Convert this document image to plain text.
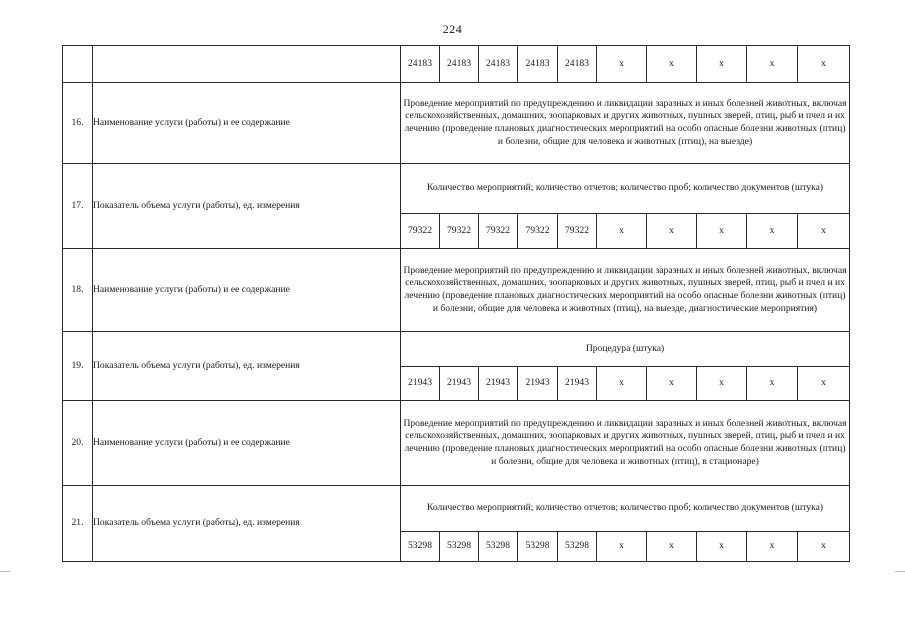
224
		24183	24183	24183	24183	24183	x	x	x	x	x
16.	Наименование услуги (работы) и ее содержание	Проведение мероприятий по предупреждению и ликвидации заразных и иных болезней животных, включая сельскохозяйственных, домашних, зоопарковых и других животных, пушных зверей, птиц, рыб и пчел и их лечению (проведение плановых диагностических мероприятий на особо опасные болезни животных (птиц) и болезни, общие для человека и животных (птиц), на выезде)									
17.	Показатель объема услуги (работы), ед. измерения	Количество мероприятий; количество отчетов; количество проб; количество документов (штука)									
		79322	79322	79322	79322	79322	x	x	x	x	x
18.	Наименование услуги (работы) и ее содержание	Проведение мероприятий по предупреждению и ликвидации заразных и иных болезней животных, включая сельскохозяйственных, домашних, зоопарковых и других животных, пушных зверей, птиц, рыб и пчел и их лечению (проведение плановых диагностических мероприятий на особо опасные болезни животных (птиц) и болезни, общие для человека и животных (птиц), на выезде, диагностические мероприятия)									
19.	Показатель объема услуги (работы), ед. измерения	Процедура (штука)									
		21943	21943	21943	21943	21943	x	x	x	x	x
20.	Наименование услуги (работы) и ее содержание	Проведение мероприятий по предупреждению и ликвидации заразных и иных болезней животных, включая сельскохозяйственных, домашних, зоопарковых и других животных, пушных зверей, птиц, рыб и пчел и их лечению (проведение плановых диагностических мероприятий на особо опасные болезни животных (птиц) и болезни, общие для человека и животных (птиц), в стационаре)									
21.	Показатель объема услуги (работы), ед. измерения	Количество мероприятий; количество отчетов; количество проб; количество документов (штука)									
		53298	53298	53298	53298	53298	x	x	x	x	x
